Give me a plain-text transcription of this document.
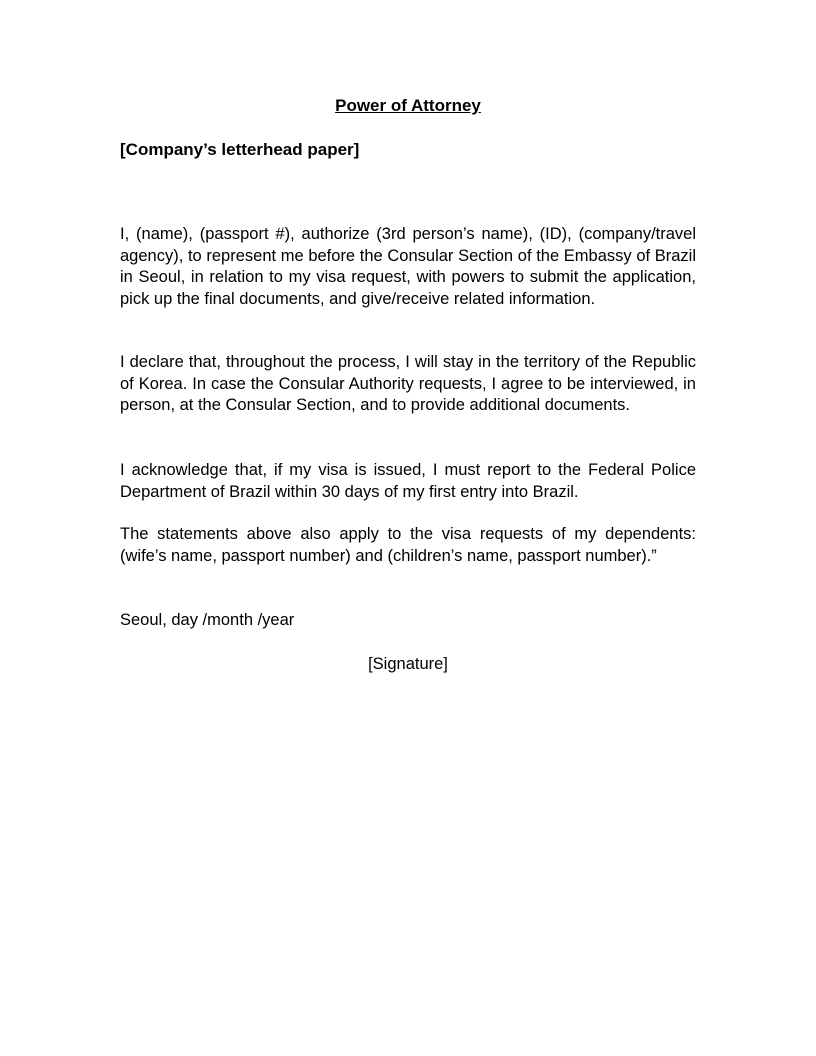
Power of Attorney

[Company’s letterhead paper]

I, (name), (passport #), authorize (3rd person’s name), (ID), (company/travel agency), to represent me before the Consular Section of the Embassy of Brazil in Seoul, in relation to my visa request, with powers to submit the application, pick up the final documents, and give/receive related information.

I declare that, throughout the process, I will stay in the territory of the Republic of Korea. In case the Consular Authority requests, I agree to be interviewed, in person, at the Consular Section, and to provide additional documents.

I acknowledge that, if my visa is issued, I must report to the Federal Police Department of Brazil within 30 days of my first entry into Brazil.

The statements above also apply to the visa requests of my dependents: (wife’s name, passport number) and (children’s name, passport number).”

Seoul, day /month /year

[Signature]
